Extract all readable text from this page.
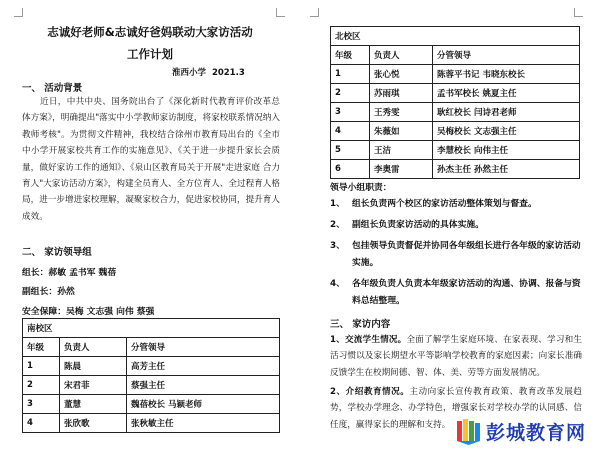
志诚好老师&志诚好爸妈联动大家访活动
工作计划
淮西小学 2021.3
一、 活动背景
近日，中共中央、国务院出台了《深化新时代教育评价改革总体方案》，明确提出"落实中小学教师家访制度，将家校联系情况纳入教师考核"。为贯彻文件精神，我校结合徐州市教育局出台的《全市中小学开展家校共育工作的实施意见》、《关于进一步提升家长会质量，做好家访工作的通知》、《泉山区教育局关于开展"走进家庭 合力育人"大家访活动方案》，构建全员育人、全方位育人、全过程育人格局，进一步增进家校理解，凝聚家校合力，促进家校协同，提升育人成效。
二、 家访领导组
组长：郝敏 孟书军 魏蓓
副组长：孙然
安全保障：吴梅 文志强 向伟 蔡强
南校区		
年级	负责人	分管领导
1	陈晨	高芳主任
2	宋君菲	蔡强主任
3	董慧	魏蓓校长 马颖老师
4	张欣歌	张秋敏主任
北校区		
年级	负责人	分管领导
1	张心悦	陈蓉平书记 韦晓东校长
2	苏雨琪	孟书军校长 姚夏主任
3	王秀雯	耿红校长 闫诗君老师
4	朱薇如	吴梅校长 文志强主任
5	王洁	李慧校长 向伟主任
6	李奥雷	孙杰主任 孙然主任
领导小组职责：
1、 组长负责两个校区的家访活动整体策划与督查。
2、 副组长负责家访活动的具体实施。
3、 包挂领导负责督促并协同各年级组长进行各年级的家访活动实施。
4、 各年级负责人负责本年级家访活动的沟通、协调、报备与资料总结整理。
三、 家访内容
1、交流学生情况。全面了解学生家庭环境、在家表现、学习和生活习惯以及家长期望水平等影响学校教育的家庭因素；向家长准确反馈学生在校期间德、智、体、美、劳等方面发展情况。
2、介绍教育情况。主动向家长宣传教育政策、教育改革发展趋势，学校办学理念、办学特色，增强家长对学校办学的认同感、信任度，赢得家长的理解和支持。	彭城教育网
